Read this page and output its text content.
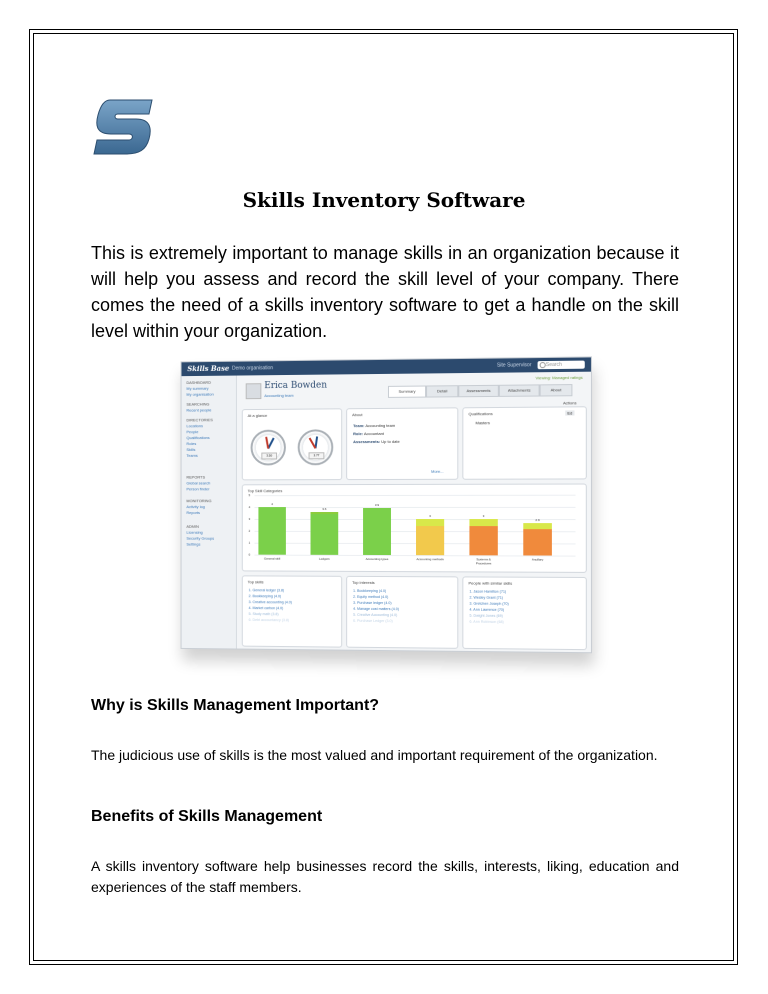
Skills Inventory Software

This is extremely important to manage skills in an organization because it will help you assess and record the skill level of your company. There comes the need of a skills inventory software to get a handle on the skill level within your organization.

Skills Base Demo organisation	Site Supervisor	Search
DASHBOARD
My summary
My organisation
SEARCHING
Recent people
DIRECTORIES
Locations
People
Qualifications
Roles
Skills
Teams
REPORTS
Global search
Person finder
MONITORING
Activity log
Reports
ADMIN
Licensing
Security Groups
Settings
Erica Bowden
Accounting team
Viewing: Managed ratings
Summary	Detail	Assessments	Attachments	About
Actions
At a glance
3.50	2.77
About
Team: Accounting team
Role: Accountant
Assessments: Up to date
More...
Qualifications
Masters
Ed
Top Skill Categories
0
1
2
3
4
5
4
General skill
3.6
Ledgers
3.9
Accounting types
3
Accounting methods
3
Systems & Procedures
2.9
Ancillary
Top skills
1. General ledger (3.8)
2. Bookkeeping (4.0)
3. Creative accounting (4.0)
4. Market carbon (4.0)
5. Study math (3.8)
6. Debt accountancy (3.8)
Top interests
1. Bookkeeping (4.0)
2. Equity method (4.0)
3. Purchase ledger (4.0)
4. Manage cost matters (4.0)
5. Creative Accounting (4.0)
6. Purchase Ledger (3.0)
People with similar skills
1. Jason Hamilton (71)
2. Wesley Grant (71)
3. Gretchen Joseph (70)
4. Ann Lawrence (70)
5. Dwight Jones (69)
6. Ann Robinson (68)
Why is Skills Management Important?

The judicious use of skills is the most valued and important requirement of the organization.

Benefits of Skills Management

A skills inventory software help businesses record the skills, interests, liking, education and experiences of the staff members.
